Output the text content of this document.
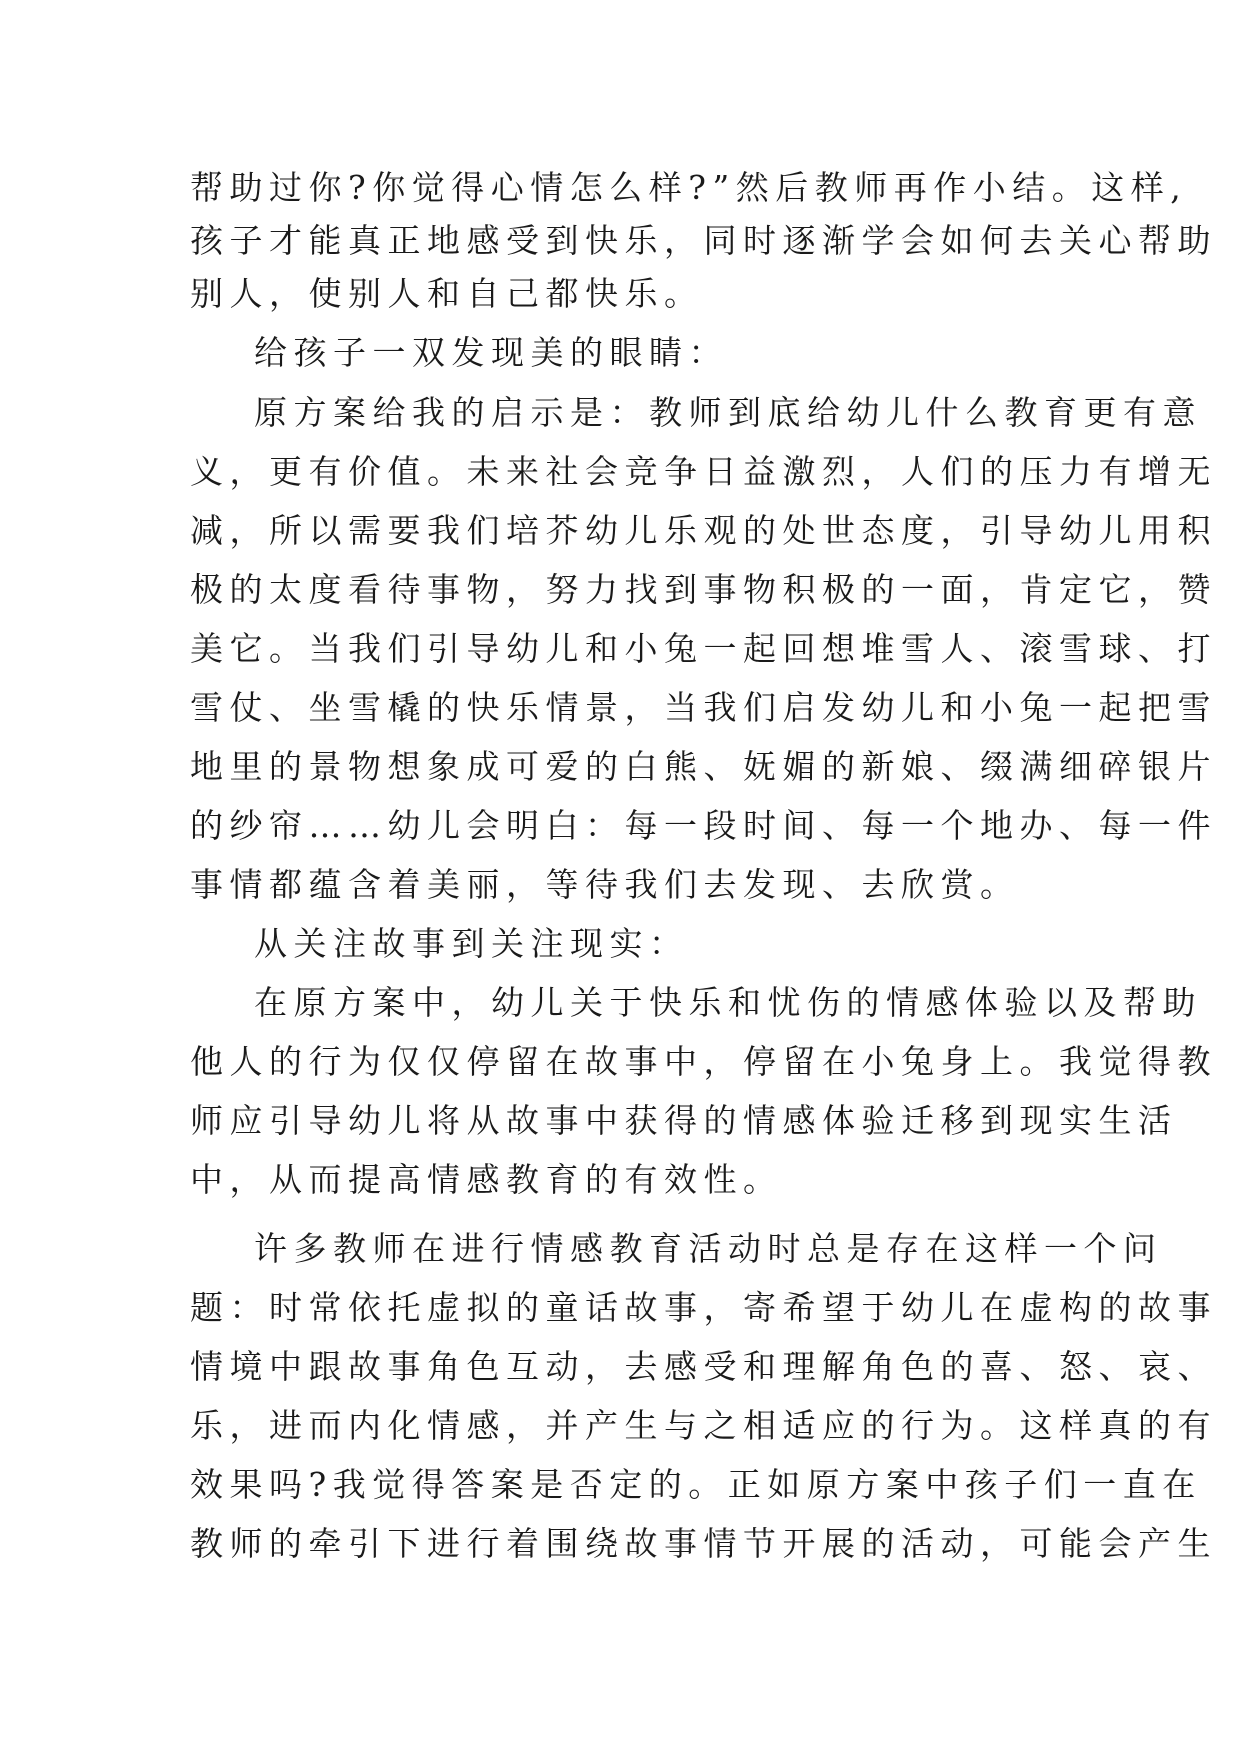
帮助过你?你觉得心情怎么样?”然后教师再作小结。这样,
孩子才能真正地感受到快乐，同时逐渐学会如何去关心帮助
别人，使别人和自己都快乐。
给孩子一双发现美的眼睛：
原方案给我的启示是：教师到底给幼儿什么教育更有意
义，更有价值。未来社会竞争日益激烈，人们的压力有增无
减，所以需要我们培芥幼儿乐观的处世态度，引导幼儿用积
极的太度看待事物，努力找到事物积极的一面，肯定它，赞
美它。当我们引导幼儿和小兔一起回想堆雪人、滚雪球、打
雪仗、坐雪橇的快乐情景，当我们启发幼儿和小兔一起把雪
地里的景物想象成可爱的白熊、妩媚的新娘、缀满细碎银片
的纱帘……幼儿会明白：每一段时间、每一个地办、每一件
事情都蕴含着美丽，等待我们去发现、去欣赏。
从关注故事到关注现实：
在原方案中，幼儿关于快乐和忧伤的情感体验以及帮助
他人的行为仅仅停留在故事中，停留在小兔身上。我觉得教
师应引导幼儿将从故事中获得的情感体验迁移到现实生活
中，从而提高情感教育的有效性。
许多教师在进行情感教育活动时总是存在这样一个问
题：时常依托虚拟的童话故事，寄希望于幼儿在虚构的故事
情境中跟故事角色互动，去感受和理解角色的喜、怒、哀、
乐，进而内化情感，并产生与之相适应的行为。这样真的有
效果吗?我觉得答案是否定的。正如原方案中孩子们一直在
教师的牵引下进行着围绕故事情节开展的活动，可能会产生
